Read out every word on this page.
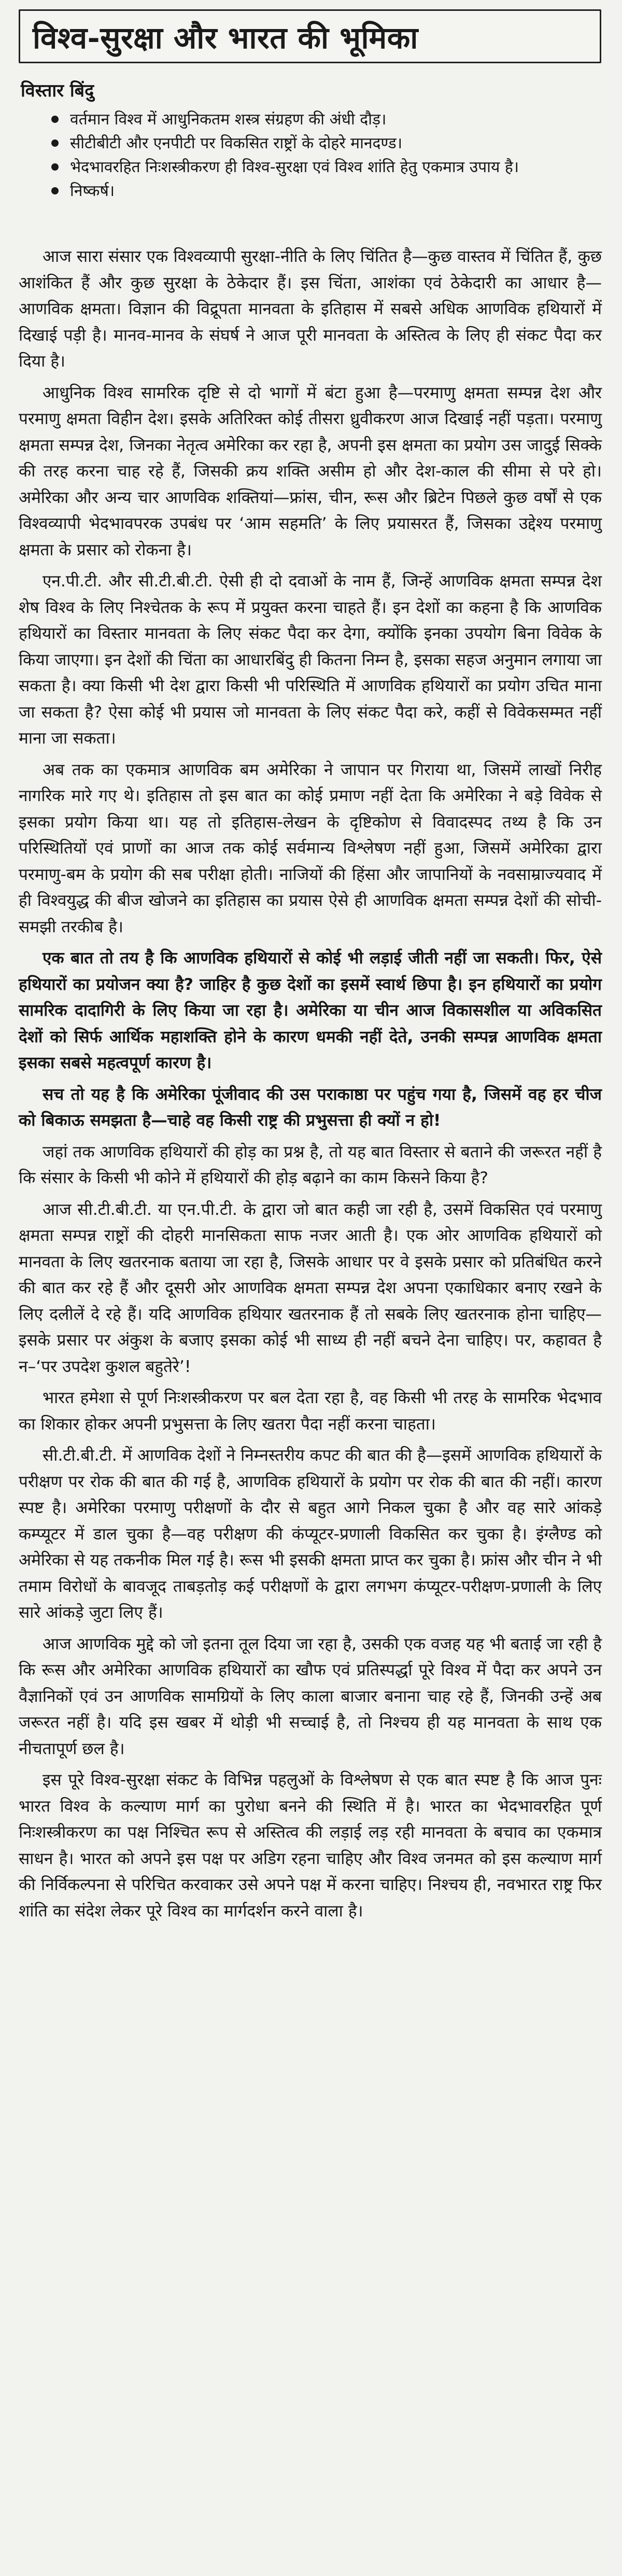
विश्व-सुरक्षा और भारत की भूमिका
विस्तार बिंदु
वर्तमान विश्व में आधुनिकतम शस्त्र संग्रहण की अंधी दौड़।
सीटीबीटी और एनपीटी पर विकसित राष्ट्रों के दोहरे मानदण्ड।
भेदभावरहित निःशस्त्रीकरण ही विश्व-सुरक्षा एवं विश्व शांति हेतु एकमात्र उपाय है।
निष्कर्ष।

आज सारा संसार एक विश्वव्यापी सुरक्षा-नीति के लिए चिंतित है—कुछ वास्तव में चिंतित हैं, कुछ आशंकित हैं और कुछ सुरक्षा के ठेकेदार हैं। इस चिंता, आशंका एवं ठेकेदारी का आधार है—आणविक क्षमता। विज्ञान की विद्रूपता मानवता के इतिहास में सबसे अधिक आणविक हथियारों में दिखाई पड़ी है। मानव-मानव के संघर्ष ने आज पूरी मानवता के अस्तित्व के लिए ही संकट पैदा कर दिया है।

आधुनिक विश्व सामरिक दृष्टि से दो भागों में बंटा हुआ है—परमाणु क्षमता सम्पन्न देश और परमाणु क्षमता विहीन देश। इसके अतिरिक्त कोई तीसरा ध्रुवीकरण आज दिखाई नहीं पड़ता। परमाणु क्षमता सम्पन्न देश, जिनका नेतृत्व अमेरिका कर रहा है, अपनी इस क्षमता का प्रयोग उस जादुई सिक्के की तरह करना चाह रहे हैं, जिसकी क्रय शक्ति असीम हो और देश-काल की सीमा से परे हो। अमेरिका और अन्य चार आणविक शक्तियां—फ्रांस, चीन, रूस और ब्रिटेन पिछले कुछ वर्षों से एक विश्वव्यापी भेदभावपरक उपबंध पर ‘आम सहमति’ के लिए प्रयासरत हैं, जिसका उद्देश्य परमाणु क्षमता के प्रसार को रोकना है।

एन.पी.टी. और सी.टी.बी.टी. ऐसी ही दो दवाओं के नाम हैं, जिन्हें आणविक क्षमता सम्पन्न देश शेष विश्व के लिए निश्चेतक के रूप में प्रयुक्त करना चाहते हैं। इन देशों का कहना है कि आणविक हथियारों का विस्तार मानवता के लिए संकट पैदा कर देगा, क्योंकि इनका उपयोग बिना विवेक के किया जाएगा। इन देशों की चिंता का आधारबिंदु ही कितना निम्न है, इसका सहज अनुमान लगाया जा सकता है। क्या किसी भी देश द्वारा किसी भी परिस्थिति में आणविक हथियारों का प्रयोग उचित माना जा सकता है? ऐसा कोई भी प्रयास जो मानवता के लिए संकट पैदा करे, कहीं से विवेकसम्मत नहीं माना जा सकता।

अब तक का एकमात्र आणविक बम अमेरिका ने जापान पर गिराया था, जिसमें लाखों निरीह नागरिक मारे गए थे। इतिहास तो इस बात का कोई प्रमाण नहीं देता कि अमेरिका ने बड़े विवेक से इसका प्रयोग किया था। यह तो इतिहास-लेखन के दृष्टिकोण से विवादस्पद तथ्य है कि उन परिस्थितियों एवं प्राणों का आज तक कोई सर्वमान्य विश्लेषण नहीं हुआ, जिसमें अमेरिका द्वारा परमाणु-बम के प्रयोग की सब परीक्षा होती। नाजियों की हिंसा और जापानियों के नवसाम्राज्यवाद में ही विश्वयुद्ध की बीज खोजने का इतिहास का प्रयास ऐसे ही आणविक क्षमता सम्पन्न देशों की सोची-समझी तरकीब है।

एक बात तो तय है कि आणविक हथियारों से कोई भी लड़ाई जीती नहीं जा सकती। फिर, ऐसे हथियारों का प्रयोजन क्या है? जाहिर है कुछ देशों का इसमें स्वार्थ छिपा है। इन हथियारों का प्रयोग सामरिक दादागिरी के लिए किया जा रहा है। अमेरिका या चीन आज विकासशील या अविकसित देशों को सिर्फ आर्थिक महाशक्ति होने के कारण धमकी नहीं देते, उनकी सम्पन्न आणविक क्षमता इसका सबसे महत्वपूर्ण कारण है।

सच तो यह है कि अमेरिका पूंजीवाद की उस पराकाष्ठा पर पहुंच गया है, जिसमें वह हर चीज को बिकाऊ समझता है—चाहे वह किसी राष्ट्र की प्रभुसत्ता ही क्यों न हो!

जहां तक आणविक हथियारों की होड़ का प्रश्न है, तो यह बात विस्तार से बताने की जरूरत नहीं है कि संसार के किसी भी कोने में हथियारों की होड़ बढ़ाने का काम किसने किया है?

आज सी.टी.बी.टी. या एन.पी.टी. के द्वारा जो बात कही जा रही है, उसमें विकसित एवं परमाणु क्षमता सम्पन्न राष्ट्रों की दोहरी मानसिकता साफ नजर आती है। एक ओर आणविक हथियारों को मानवता के लिए खतरनाक बताया जा रहा है, जिसके आधार पर वे इसके प्रसार को प्रतिबंधित करने की बात कर रहे हैं और दूसरी ओर आणविक क्षमता सम्पन्न देश अपना एकाधिकार बनाए रखने के लिए दलीलें दे रहे हैं। यदि आणविक हथियार खतरनाक हैं तो सबके लिए खतरनाक होना चाहिए—इसके प्रसार पर अंकुश के बजाए इसका कोई भी साध्य ही नहीं बचने देना चाहिए। पर, कहावत है न–‘पर उपदेश कुशल बहुतेरे’!

भारत हमेशा से पूर्ण निःशस्त्रीकरण पर बल देता रहा है, वह किसी भी तरह के सामरिक भेदभाव का शिकार होकर अपनी प्रभुसत्ता के लिए खतरा पैदा नहीं करना चाहता।

सी.टी.बी.टी. में आणविक देशों ने निम्नस्तरीय कपट की बात की है—इसमें आणविक हथियारों के परीक्षण पर रोक की बात की गई है, आणविक हथियारों के प्रयोग पर रोक की बात की नहीं। कारण स्पष्ट है। अमेरिका परमाणु परीक्षणों के दौर से बहुत आगे निकल चुका है और वह सारे आंकड़े कम्प्यूटर में डाल चुका है—वह परीक्षण की कंप्यूटर-प्रणाली विकसित कर चुका है। इंग्लैण्ड को अमेरिका से यह तकनीक मिल गई है। रूस भी इसकी क्षमता प्राप्त कर चुका है। फ्रांस और चीन ने भी तमाम विरोधों के बावजूद ताबड़तोड़ कई परीक्षणों के द्वारा लगभग कंप्यूटर-परीक्षण-प्रणाली के लिए सारे आंकड़े जुटा लिए हैं।

आज आणविक मुद्दे को जो इतना तूल दिया जा रहा है, उसकी एक वजह यह भी बताई जा रही है कि रूस और अमेरिका आणविक हथियारों का खौफ एवं प्रतिस्पर्द्धा पूरे विश्व में पैदा कर अपने उन वैज्ञानिकों एवं उन आणविक सामग्रियों के लिए काला बाजार बनाना चाह रहे हैं, जिनकी उन्हें अब जरूरत नहीं है। यदि इस खबर में थोड़ी भी सच्चाई है, तो निश्चय ही यह मानवता के साथ एक नीचतापूर्ण छल है।

इस पूरे विश्व-सुरक्षा संकट के विभिन्न पहलुओं के विश्लेषण से एक बात स्पष्ट है कि आज पुनः भारत विश्व के कल्याण मार्ग का पुरोधा बनने की स्थिति में है। भारत का भेदभावरहित पूर्ण निःशस्त्रीकरण का पक्ष निश्चित रूप से अस्तित्व की लड़ाई लड़ रही मानवता के बचाव का एकमात्र साधन है। भारत को अपने इस पक्ष पर अडिग रहना चाहिए और विश्व जनमत को इस कल्याण मार्ग की निर्विकल्पना से परिचित करवाकर उसे अपने पक्ष में करना चाहिए। निश्चय ही, नवभारत राष्ट्र फिर शांति का संदेश लेकर पूरे विश्व का मार्गदर्शन करने वाला है।
